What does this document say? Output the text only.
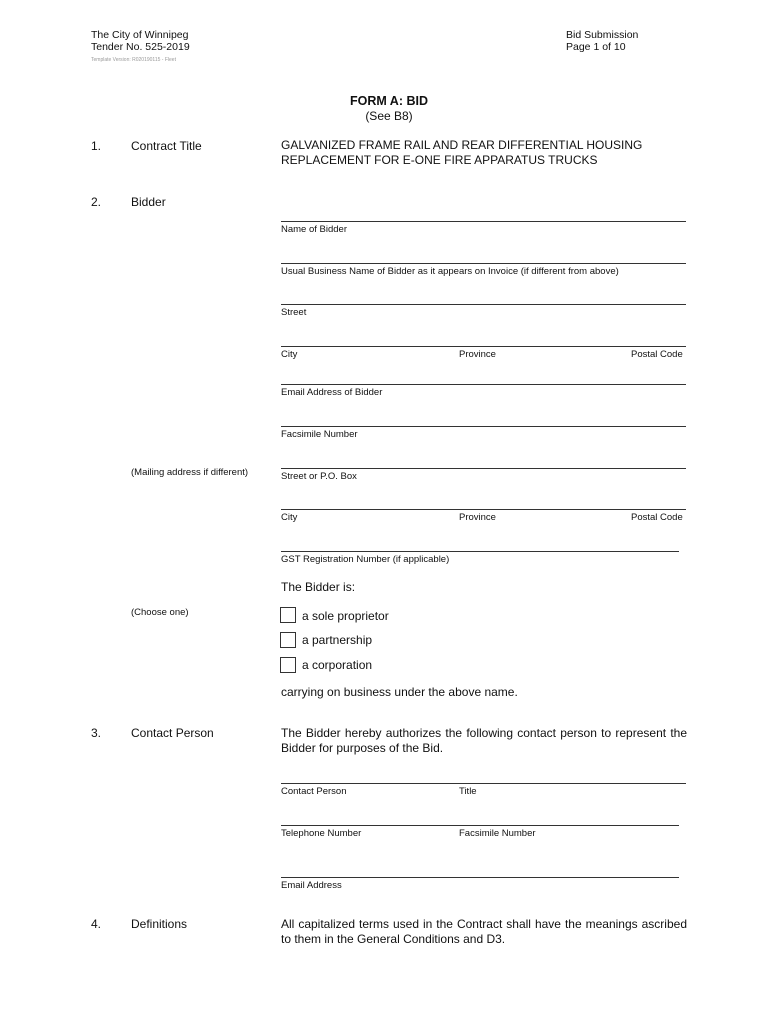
The City of Winnipeg
Tender No. 525-2019
Template Version: R020190115 - Fleet
Bid Submission
Page 1 of 10
FORM A: BID
(See B8)
1. Contract Title	GALVANIZED FRAME RAIL AND REAR DIFFERENTIAL HOUSING
REPLACEMENT FOR E-ONE FIRE APPARATUS TRUCKS
2. Bidder
Name of Bidder
Usual Business Name of Bidder as it appears on Invoice (if different from above)
Street
City	Province	Postal Code
Email Address of Bidder
Facsimile Number
(Mailing address if different)	Street or P.O. Box
City	Province	Postal Code
GST Registration Number (if applicable)
The Bidder is:
(Choose one)	a sole proprietor
a partnership
a corporation
carrying on business under the above name.
3. Contact Person	The Bidder hereby authorizes the following contact person to represent the Bidder for purposes of the Bid.
Contact Person	Title
Telephone Number	Facsimile Number
Email Address
4. Definitions	All capitalized terms used in the Contract shall have the meanings ascribed to them in the General Conditions and D3.
